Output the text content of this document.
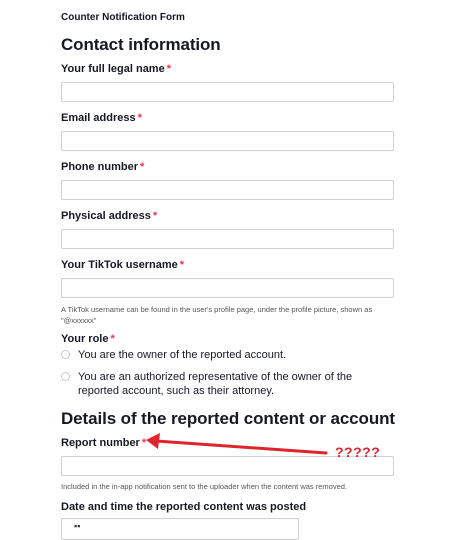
Counter Notification Form
Contact information
Your full legal name *
Email address *
Phone number *
Physical address *
Your TikTok username *
A TikTok username can be found in the user's profile page, under the profile picture, shown as "@xxxxxx"
Your role *
You are the owner of the reported account.
You are an authorized representative of the owner of the reported account, such as their attorney.
Details of the reported content or account
Report number *
Included in the in-app notification sent to the uploader when the content was removed.
Date and time the reported content was posted
▪▪
?????
